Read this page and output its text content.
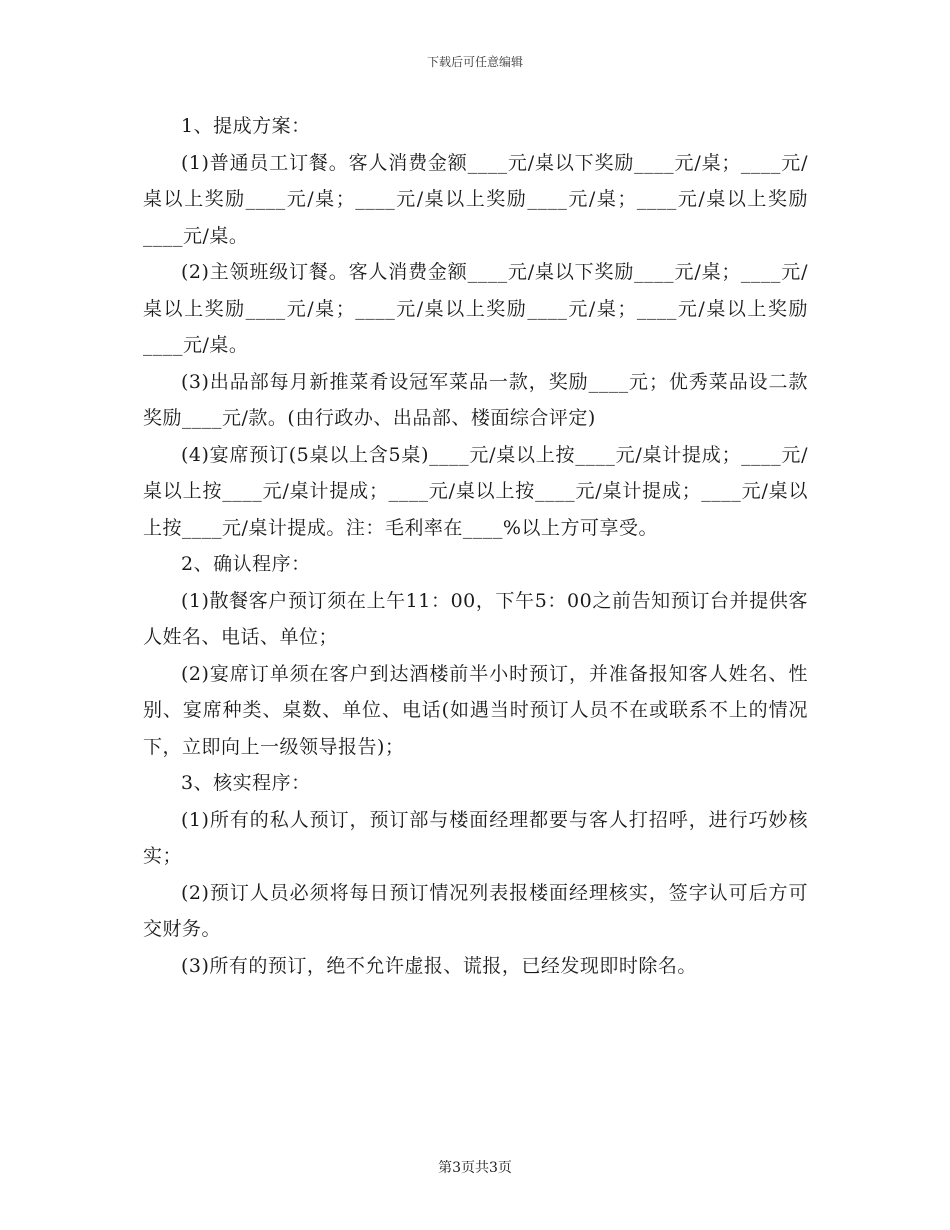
下载后可任意编辑

1、提成方案：

(1)普通员工订餐。客人消费金额____元/桌以下奖励____元/桌；____元/桌以上奖励____元/桌；____元/桌以上奖励____元/桌；____元/桌以上奖励____元/桌。

(2)主领班级订餐。客人消费金额____元/桌以下奖励____元/桌；____元/桌以上奖励____元/桌；____元/桌以上奖励____元/桌；____元/桌以上奖励____元/桌。

(3)出品部每月新推菜肴设冠军菜品一款，奖励____元；优秀菜品设二款奖励____元/款。(由行政办、出品部、楼面综合评定)

(4)宴席预订(5桌以上含5桌)____元/桌以上按____元/桌计提成；____元/桌以上按____元/桌计提成；____元/桌以上按____元/桌计提成；____元/桌以上按____元/桌计提成。注：毛利率在____%以上方可享受。

2、确认程序：

(1)散餐客户预订须在上午11：00，下午5：00之前告知预订台并提供客人姓名、电话、单位；

(2)宴席订单须在客户到达酒楼前半小时预订，并准备报知客人姓名、性别、宴席种类、桌数、单位、电话(如遇当时预订人员不在或联系不上的情况下，立即向上一级领导报告)；

3、核实程序：

(1)所有的私人预订，预订部与楼面经理都要与客人打招呼，进行巧妙核实；

(2)预订人员必须将每日预订情况列表报楼面经理核实，签字认可后方可交财务。

(3)所有的预订，绝不允许虚报、谎报，已经发现即时除名。

第3页共3页
